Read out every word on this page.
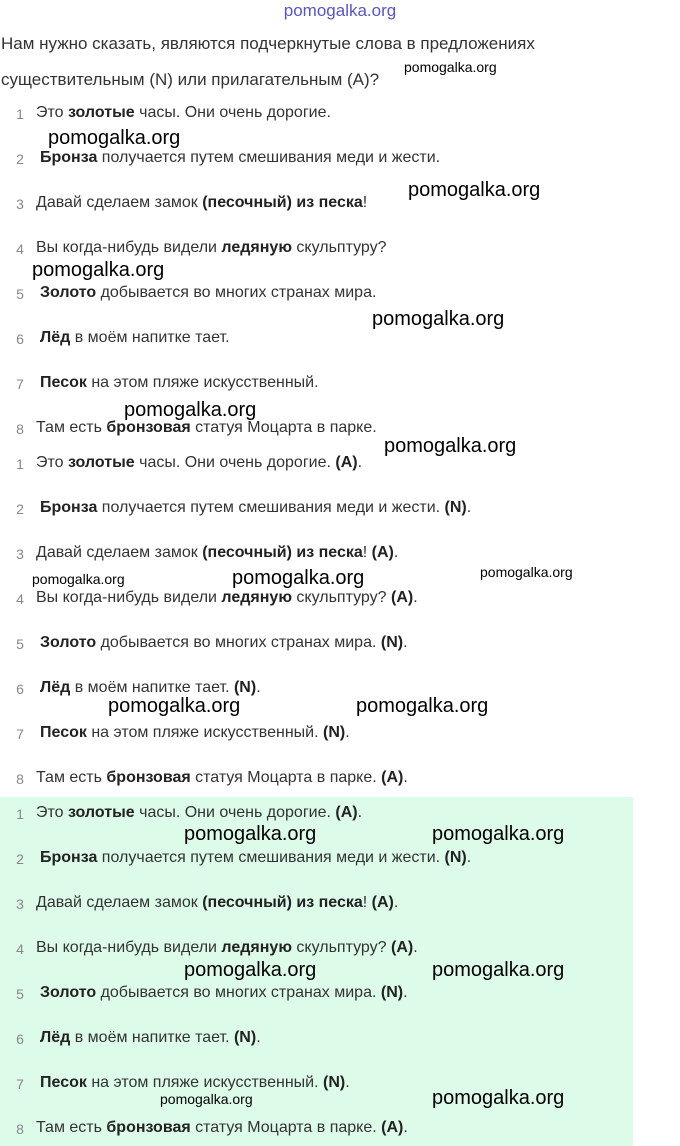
pomogalka.org
Нам нужно сказать, являются подчеркнутые слова в предложениях
существительным (N) или прилагательным (A)?
1 Это золотые часы. Они очень дорогие.
2 Бронза получается путем смешивания меди и жести.
3 Давай сделаем замок (песочный) из песка!
4 Вы когда-нибудь видели ледяную скульптуру?
5 Золото добывается во многих странах мира.
6 Лёд в моём напитке тает.
7 Песок на этом пляже искусственный.
8 Там есть бронзовая статуя Моцарта в парке.
1 Это золотые часы. Они очень дорогие. (A).
2 Бронза получается путем смешивания меди и жести. (N).
3 Давай сделаем замок (песочный) из песка! (A).
4 Вы когда-нибудь видели ледяную скульптуру? (A).
5 Золото добывается во многих странах мира. (N).
6 Лёд в моём напитке тает. (N).
7 Песок на этом пляже искусственный. (N).
8 Там есть бронзовая статуя Моцарта в парке. (A).
1 Это золотые часы. Они очень дорогие. (A).
2 Бронза получается путем смешивания меди и жести. (N).
3 Давай сделаем замок (песочный) из песка! (A).
4 Вы когда-нибудь видели ледяную скульптуру? (A).
5 Золото добывается во многих странах мира. (N).
6 Лёд в моём напитке тает. (N).
7 Песок на этом пляже искусственный. (N).
8 Там есть бронзовая статуя Моцарта в парке. (A).
pomogalka.org
pomogalka.org
pomogalka.org
pomogalka.org
pomogalka.org
pomogalka.org
pomogalka.org
pomogalka.org	pomogalka.org	pomogalka.org
pomogalka.org	pomogalka.org
pomogalka.org	pomogalka.org
pomogalka.org	pomogalka.org
pomogalka.org	pomogalka.org
